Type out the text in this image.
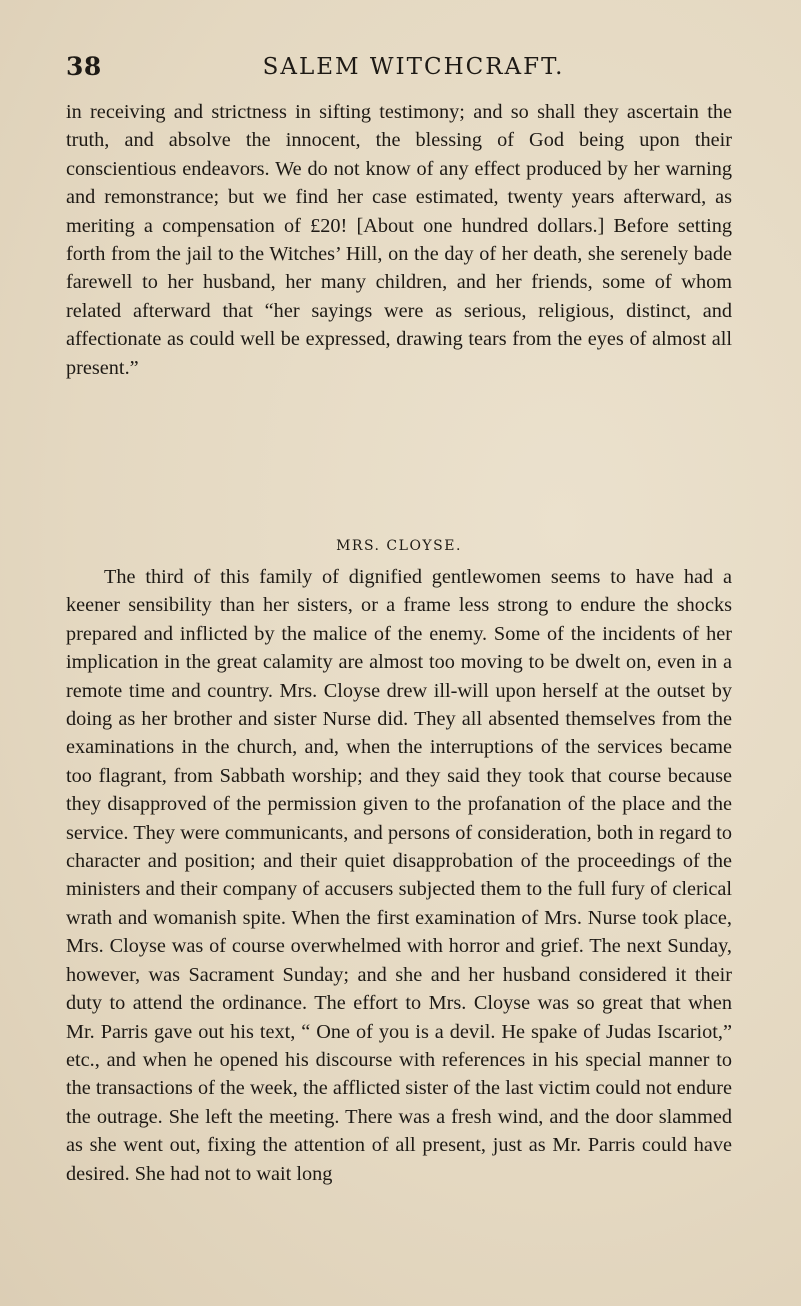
38	SALEM WITCHCRAFT.

in receiving and strictness in sifting testimony; and so shall they ascertain the truth, and absolve the innocent, the blessing of God being upon their conscientious endeavors. We do not know of any effect produced by her warning and remonstrance; but we find her case estimated, twenty years afterward, as meriting a compensation of £20! [About one hundred dollars.] Before setting forth from the jail to the Witches’ Hill, on the day of her death, she serenely bade farewell to her husband, her many children, and her friends, some of whom related afterward that “her sayings were as serious, religious, distinct, and affectionate as could well be expressed, drawing tears from the eyes of almost all present.”

MRS. CLOYSE.

The third of this family of dignified gentlewomen seems to have had a keener sensibility than her sisters, or a frame less strong to endure the shocks prepared and inflicted by the malice of the enemy. Some of the incidents of her implication in the great calamity are almost too moving to be dwelt on, even in a remote time and country. Mrs. Cloyse drew ill-will upon herself at the outset by doing as her brother and sister Nurse did. They all absented themselves from the examinations in the church, and, when the interruptions of the services became too flagrant, from Sabbath worship; and they said they took that course because they disapproved of the permission given to the profanation of the place and the service. They were communicants, and persons of consideration, both in regard to character and position; and their quiet disapprobation of the proceedings of the ministers and their company of accusers subjected them to the full fury of clerical wrath and womanish spite. When the first examination of Mrs. Nurse took place, Mrs. Cloyse was of course overwhelmed with horror and grief. The next Sunday, however, was Sacrament Sunday; and she and her husband considered it their duty to attend the ordinance. The effort to Mrs. Cloyse was so great that when Mr. Parris gave out his text, “ One of you is a devil. He spake of Judas Iscariot,” etc., and when he opened his discourse with references in his special manner to the transactions of the week, the afflicted sister of the last victim could not endure the outrage. She left the meeting. There was a fresh wind, and the door slammed as she went out, fixing the attention of all present, just as Mr. Parris could have desired. She had not to wait long
